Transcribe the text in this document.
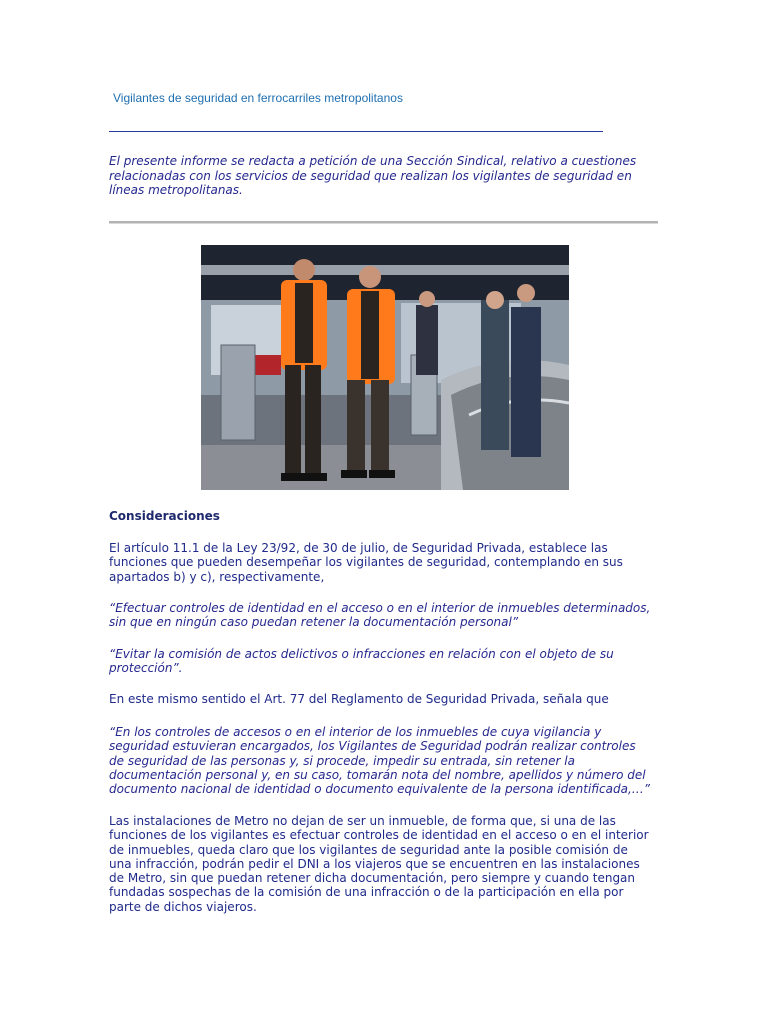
Vigilantes de seguridad en ferrocarriles metropolitanos
El presente informe se redacta a petición de una Sección Sindical, relativo a cuestiones relacionadas con los servicios de seguridad que realizan los vigilantes de seguridad en líneas metropolitanas.
Consideraciones
El artículo 11.1 de la Ley 23/92, de 30 de julio, de Seguridad Privada, establece las funciones que pueden desempeñar los vigilantes de seguridad, contemplando en sus apartados b) y c), respectivamente,
“Efectuar controles de identidad en el acceso o en el interior de inmuebles determinados, sin que en ningún caso puedan retener la documentación personal”
“Evitar la comisión de actos delictivos o infracciones en relación con el objeto de su protección”.
En este mismo sentido el Art. 77 del Reglamento de Seguridad Privada, señala que
“En los controles de accesos o en el interior de los inmuebles de cuya vigilancia y seguridad estuvieran encargados, los Vigilantes de Seguridad podrán realizar controles de seguridad de las personas y, si procede, impedir su entrada, sin retener la documentación personal y, en su caso, tomarán nota del nombre, apellidos y número del documento nacional de identidad o documento equivalente de la persona identificada,…”
Las instalaciones de Metro no dejan de ser un inmueble, de forma que, si una de las funciones de los vigilantes es efectuar controles de identidad en el acceso o en el interior de inmuebles, queda claro que los vigilantes de seguridad ante la posible comisión de una infracción, podrán pedir el DNI a los viajeros que se encuentren en las instalaciones de Metro, sin que puedan retener dicha documentación, pero siempre y cuando tengan fundadas sospechas de la comisión de una infracción o de la participación en ella por parte de dichos viajeros.
